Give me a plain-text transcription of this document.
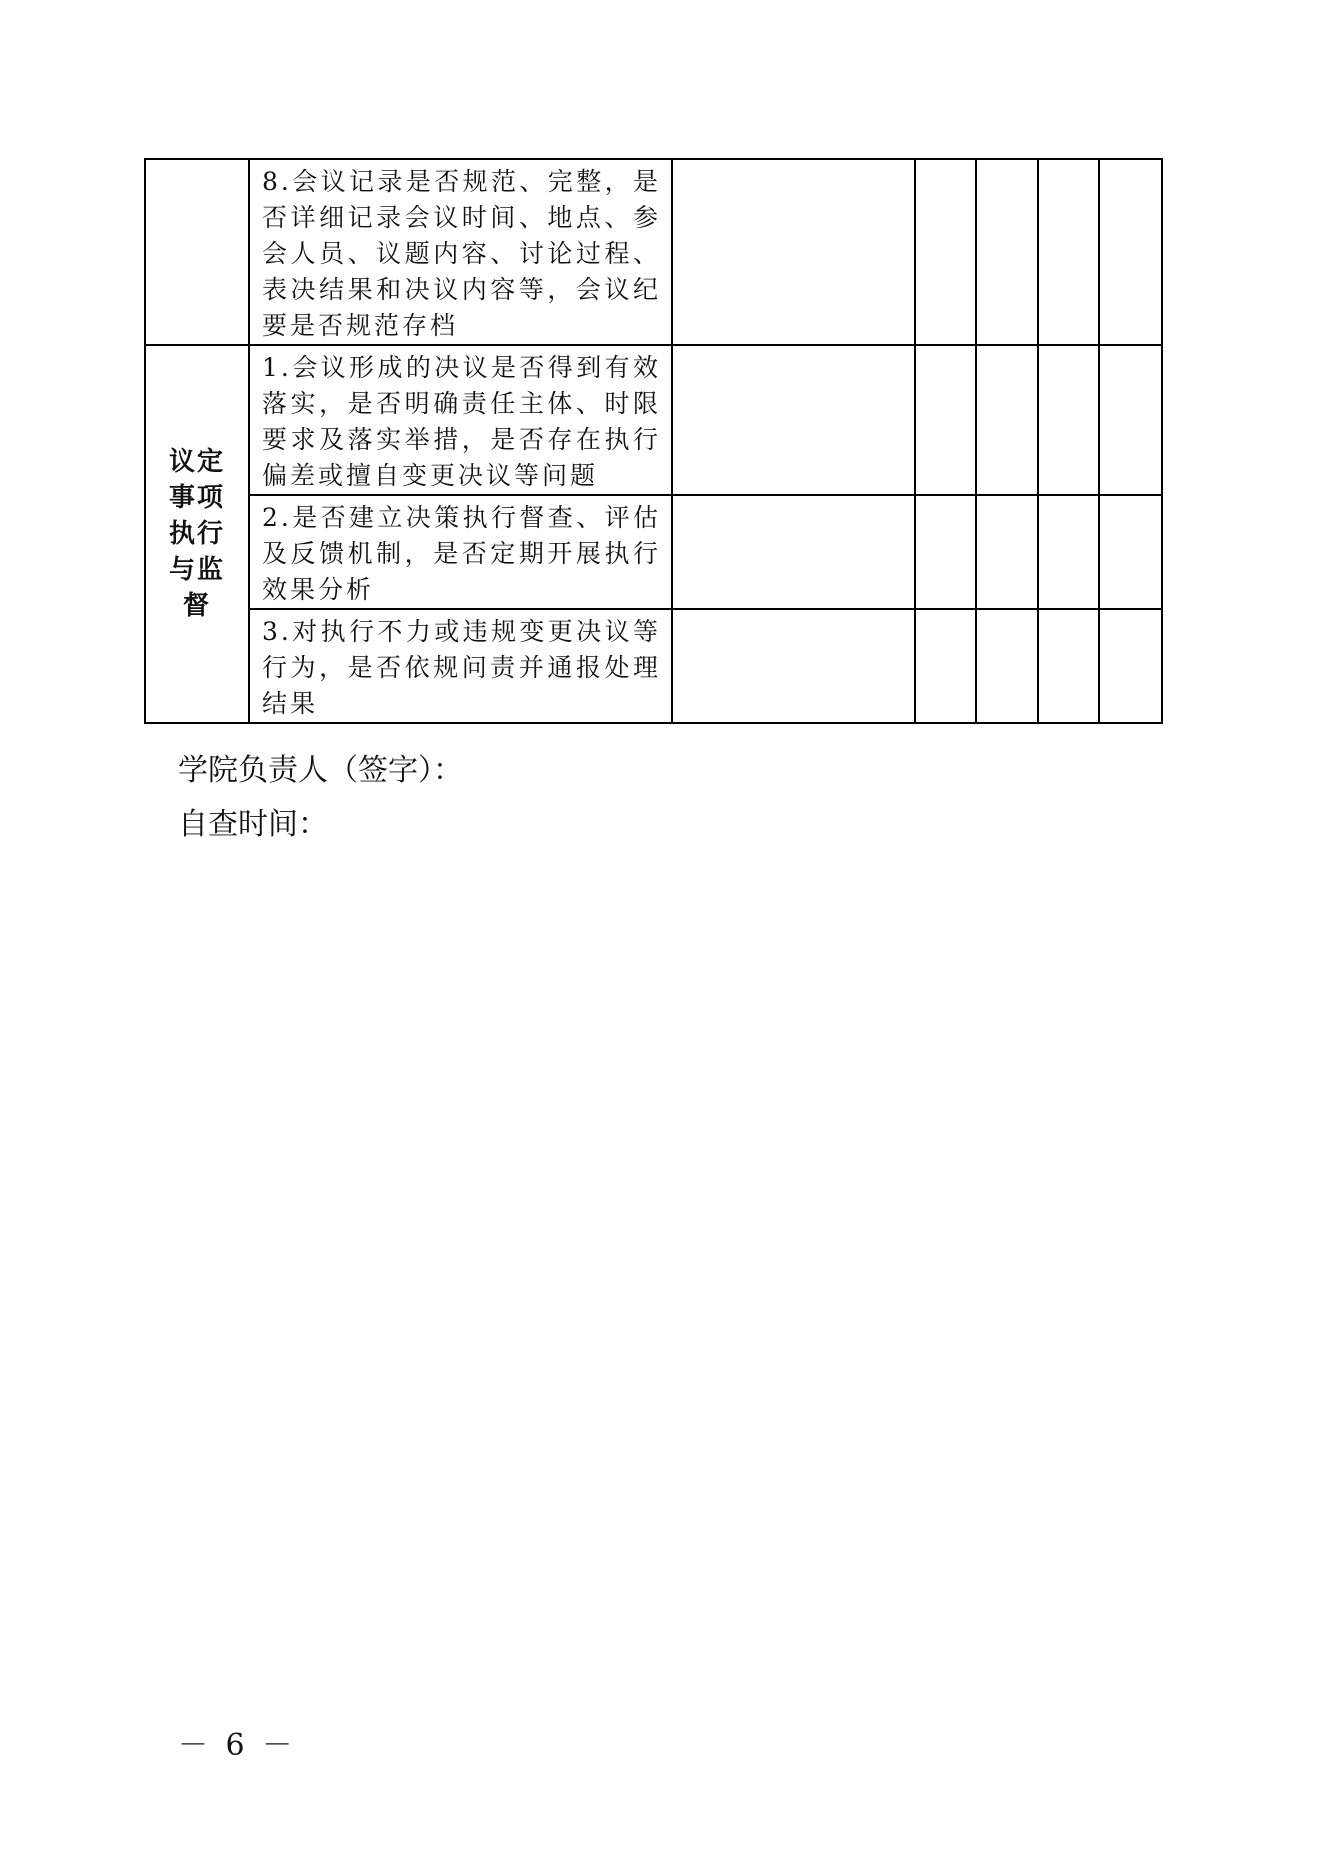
	8.会议记录是否规范、完整，是否详细记录会议时间、地点、参会人员、议题内容、讨论过程、表决结果和决议内容等，会议纪要是否规范存档					
议定事项执行与监督	1.会议形成的决议是否得到有效落实，是否明确责任主体、时限要求及落实举措，是否存在执行偏差或擅自变更决议等问题					
	2.是否建立决策执行督查、评估及反馈机制，是否定期开展执行效果分析					
	3.对执行不力或违规变更决议等行为，是否依规问责并通报处理结果					
学院负责人（签字）：
自查时间：
－ 6 －
